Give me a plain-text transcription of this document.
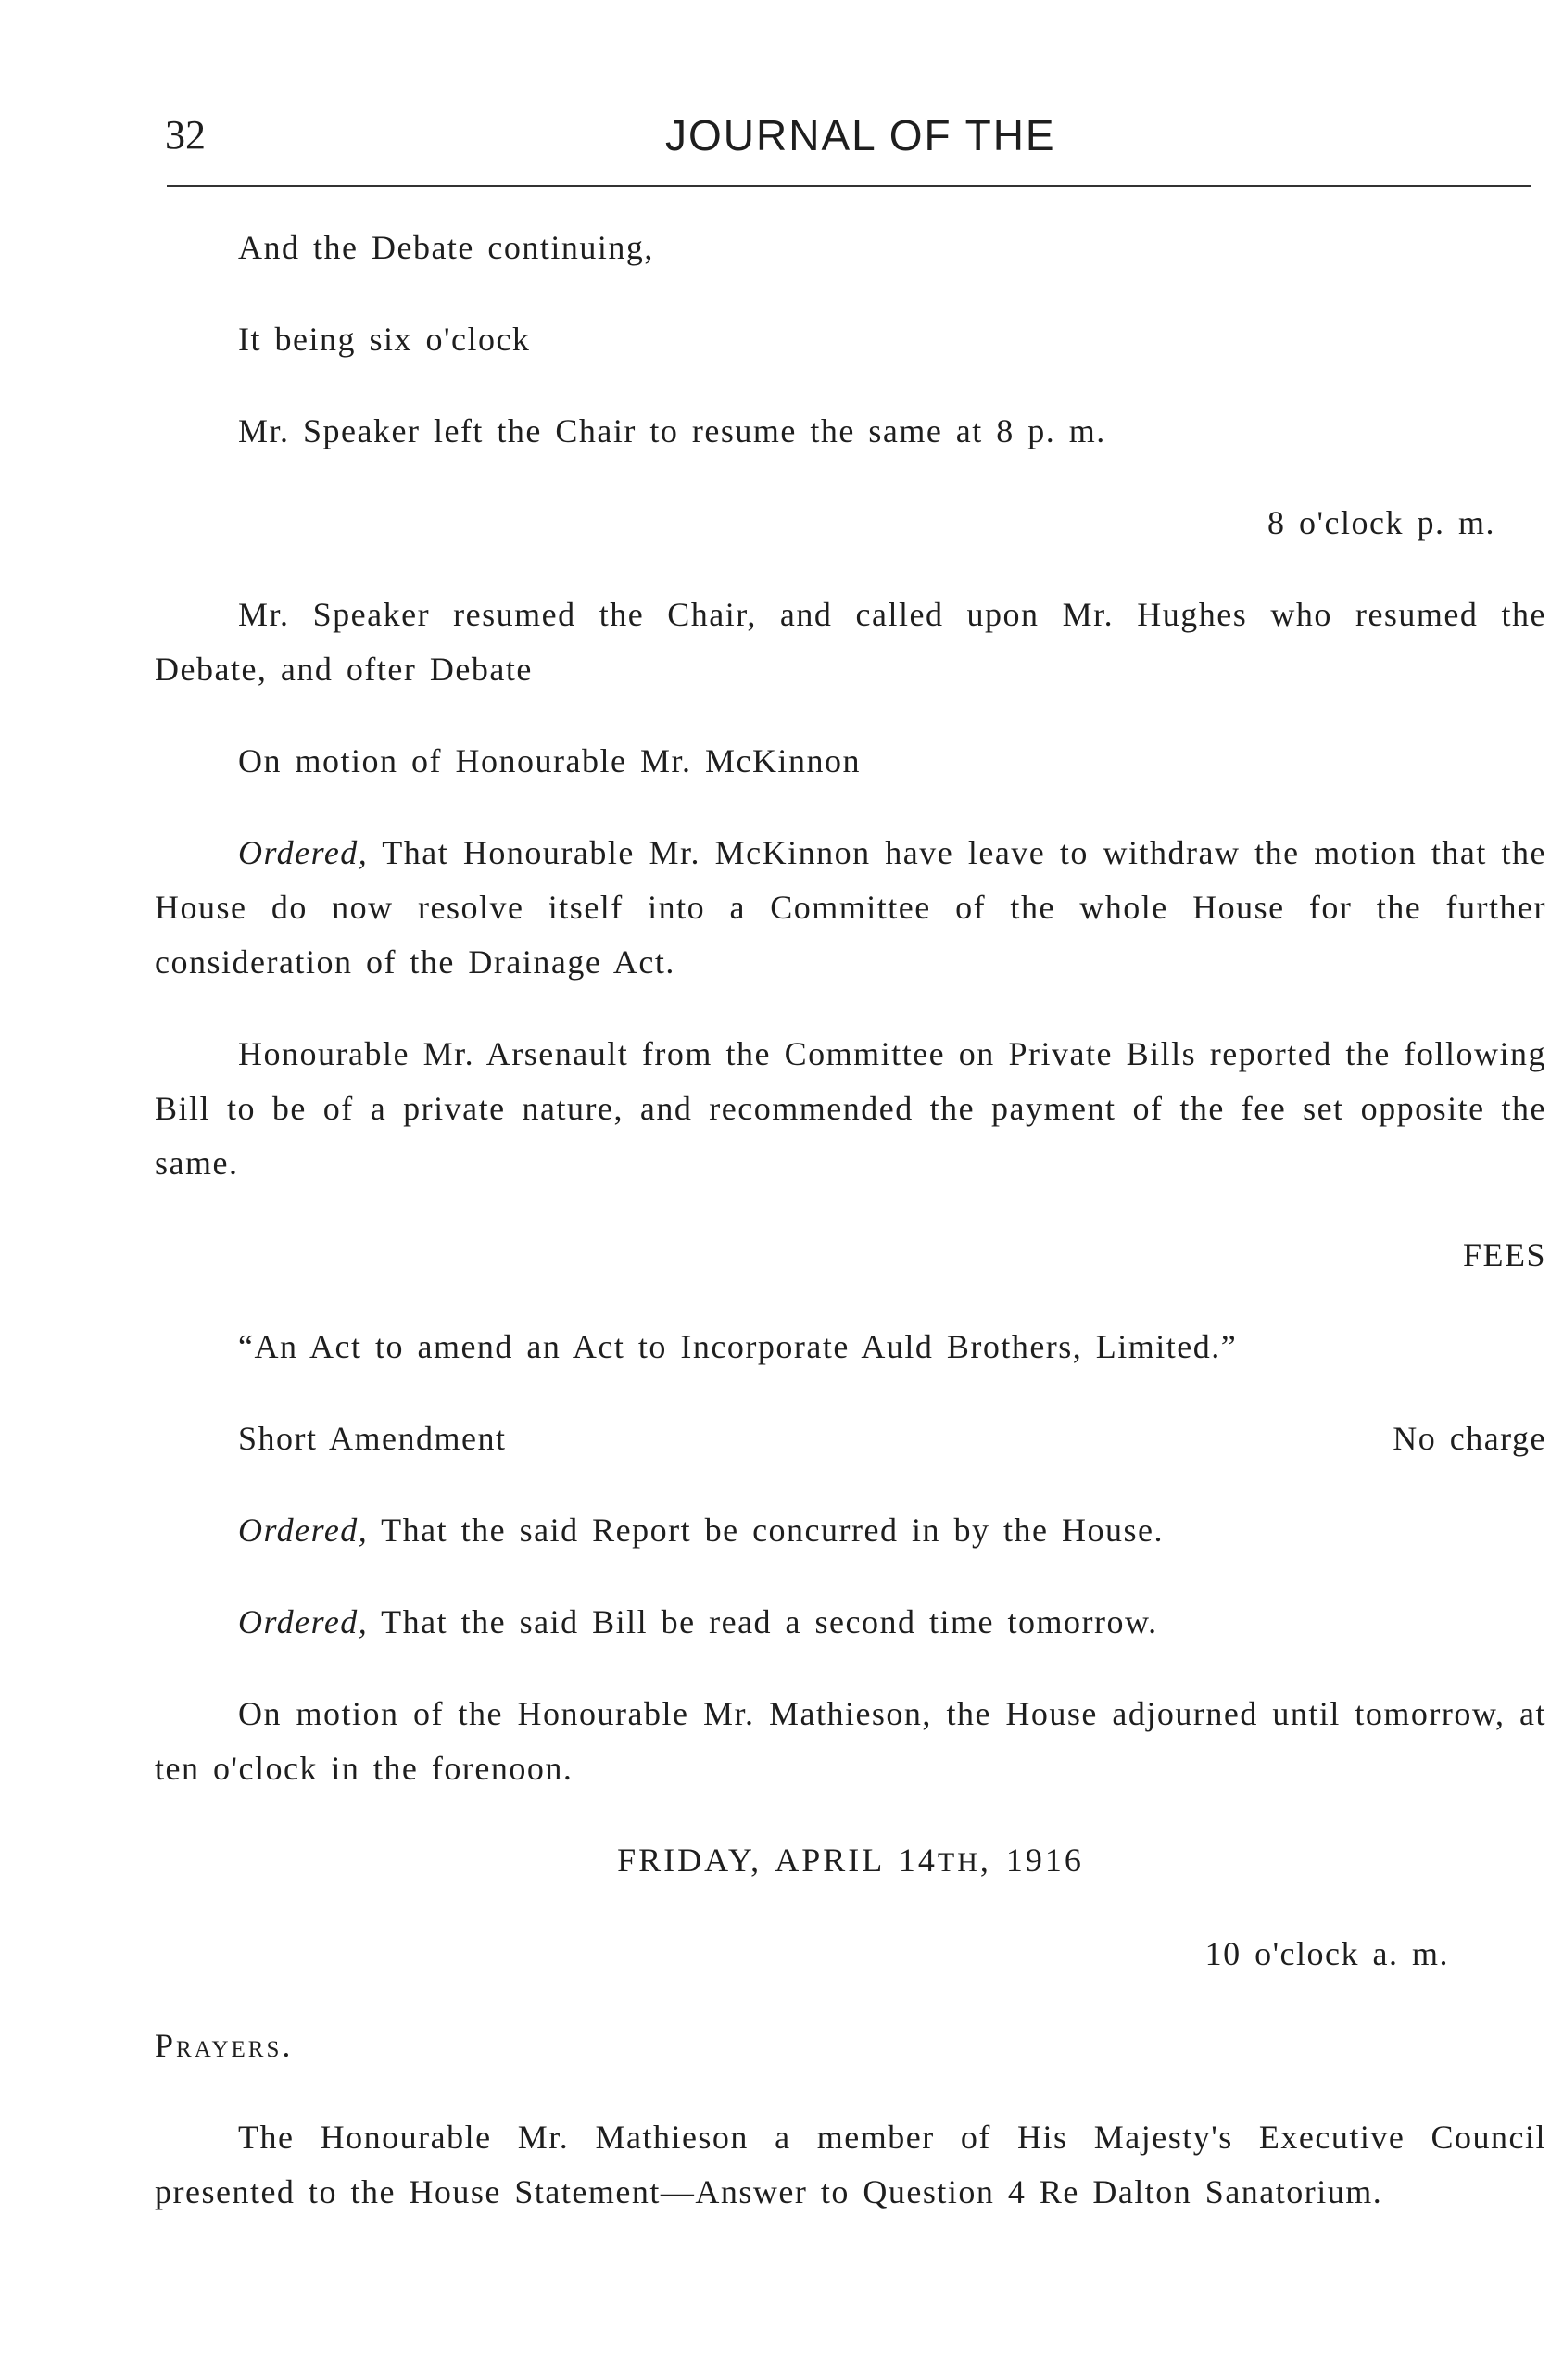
32	JOURNAL OF THE

And the Debate continuing,

It being six o'clock

Mr. Speaker left the Chair to resume the same at 8 p. m.

8 o'clock p. m.

Mr. Speaker resumed the Chair, and called upon Mr. Hughes who resumed the Debate, and ofter Debate

On motion of Honourable Mr. McKinnon

Ordered, That Honourable Mr. McKinnon have leave to withdraw the motion that the House do now resolve itself into a Committee of the whole House for the further consideration of the Drainage Act.

Honourable Mr. Arsenault from the Committee on Private Bills reported the following Bill to be of a private nature, and recommended the payment of the fee set opposite the same.

FEES

“An Act to amend an Act to Incorporate Auld Brothers, Limited.”

Short Amendment	No charge

Ordered, That the said Report be concurred in by the House.

Ordered, That the said Bill be read a second time tomorrow.

On motion of the Honourable Mr. Mathieson, the House adjourned until tomorrow, at ten o'clock in the forenoon.

FRIDAY, APRIL 14TH, 1916

10 o'clock a. m.

Prayers.

The Honourable Mr. Mathieson a member of His Majesty's Executive Council presented to the House Statement—Answer to Question 4 Re Dalton Sanatorium.
